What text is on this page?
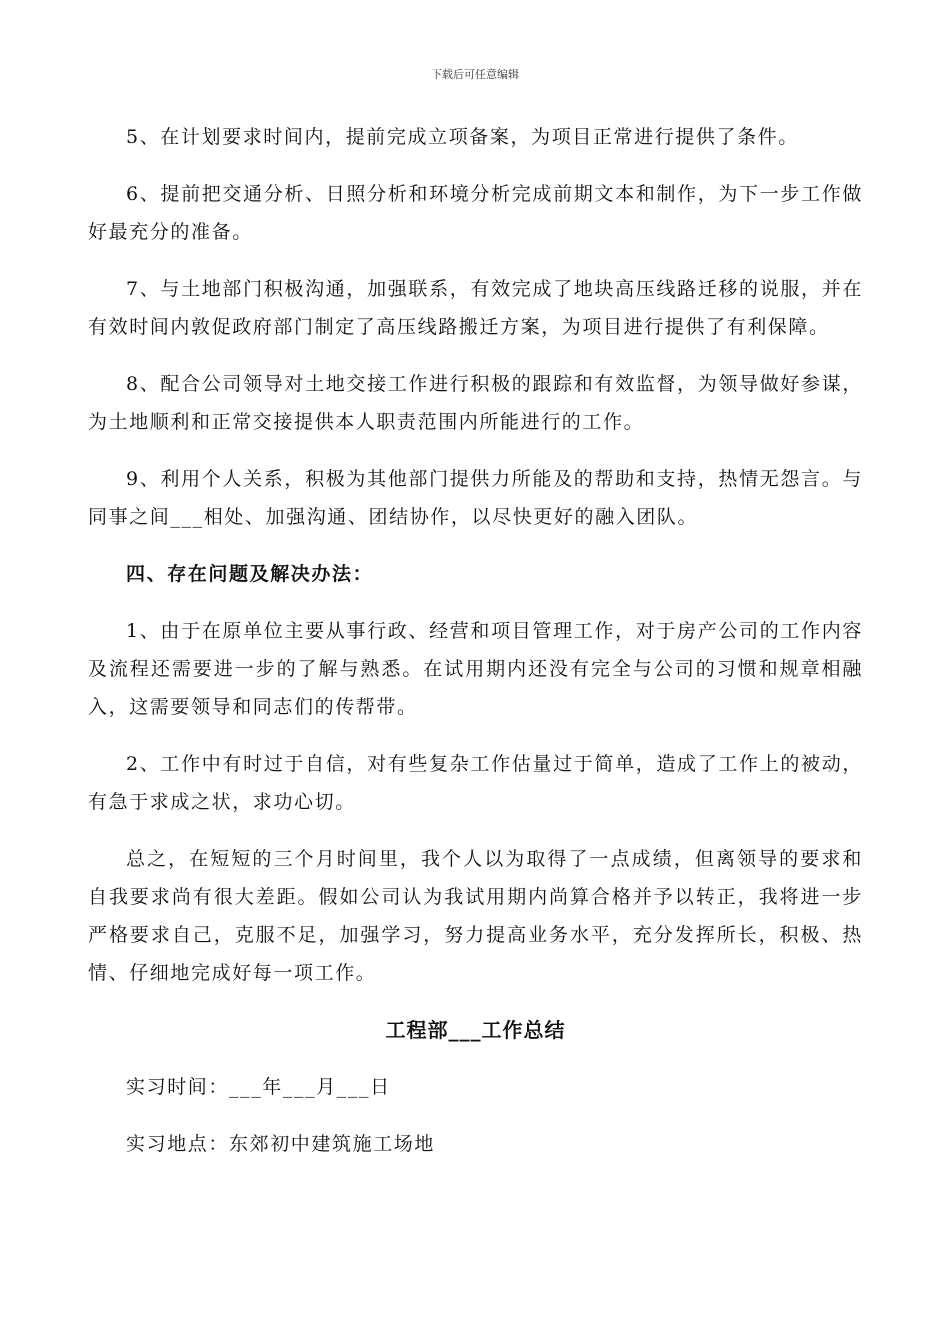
下载后可任意编辑

5、在计划要求时间内，提前完成立项备案，为项目正常进行提供了条件。

6、提前把交通分析、日照分析和环境分析完成前期文本和制作，为下一步工作做好最充分的准备。

7、与土地部门积极沟通，加强联系，有效完成了地块高压线路迁移的说服，并在有效时间内敦促政府部门制定了高压线路搬迁方案，为项目进行提供了有利保障。

8、配合公司领导对土地交接工作进行积极的跟踪和有效监督，为领导做好参谋，为土地顺利和正常交接提供本人职责范围内所能进行的工作。

9、利用个人关系，积极为其他部门提供力所能及的帮助和支持，热情无怨言。与同事之间___相处、加强沟通、团结协作，以尽快更好的融入团队。

四、存在问题及解决办法：

1、由于在原单位主要从事行政、经营和项目管理工作，对于房产公司的工作内容及流程还需要进一步的了解与熟悉。在试用期内还没有完全与公司的习惯和规章相融入，这需要领导和同志们的传帮带。

2、工作中有时过于自信，对有些复杂工作估量过于简单，造成了工作上的被动，有急于求成之状，求功心切。

总之，在短短的三个月时间里，我个人以为取得了一点成绩，但离领导的要求和自我要求尚有很大差距。假如公司认为我试用期内尚算合格并予以转正，我将进一步严格要求自己，克服不足，加强学习，努力提高业务水平，充分发挥所长，积极、热情、仔细地完成好每一项工作。

工程部___工作总结

实习时间：___年___月___日

实习地点：东郊初中建筑施工场地
